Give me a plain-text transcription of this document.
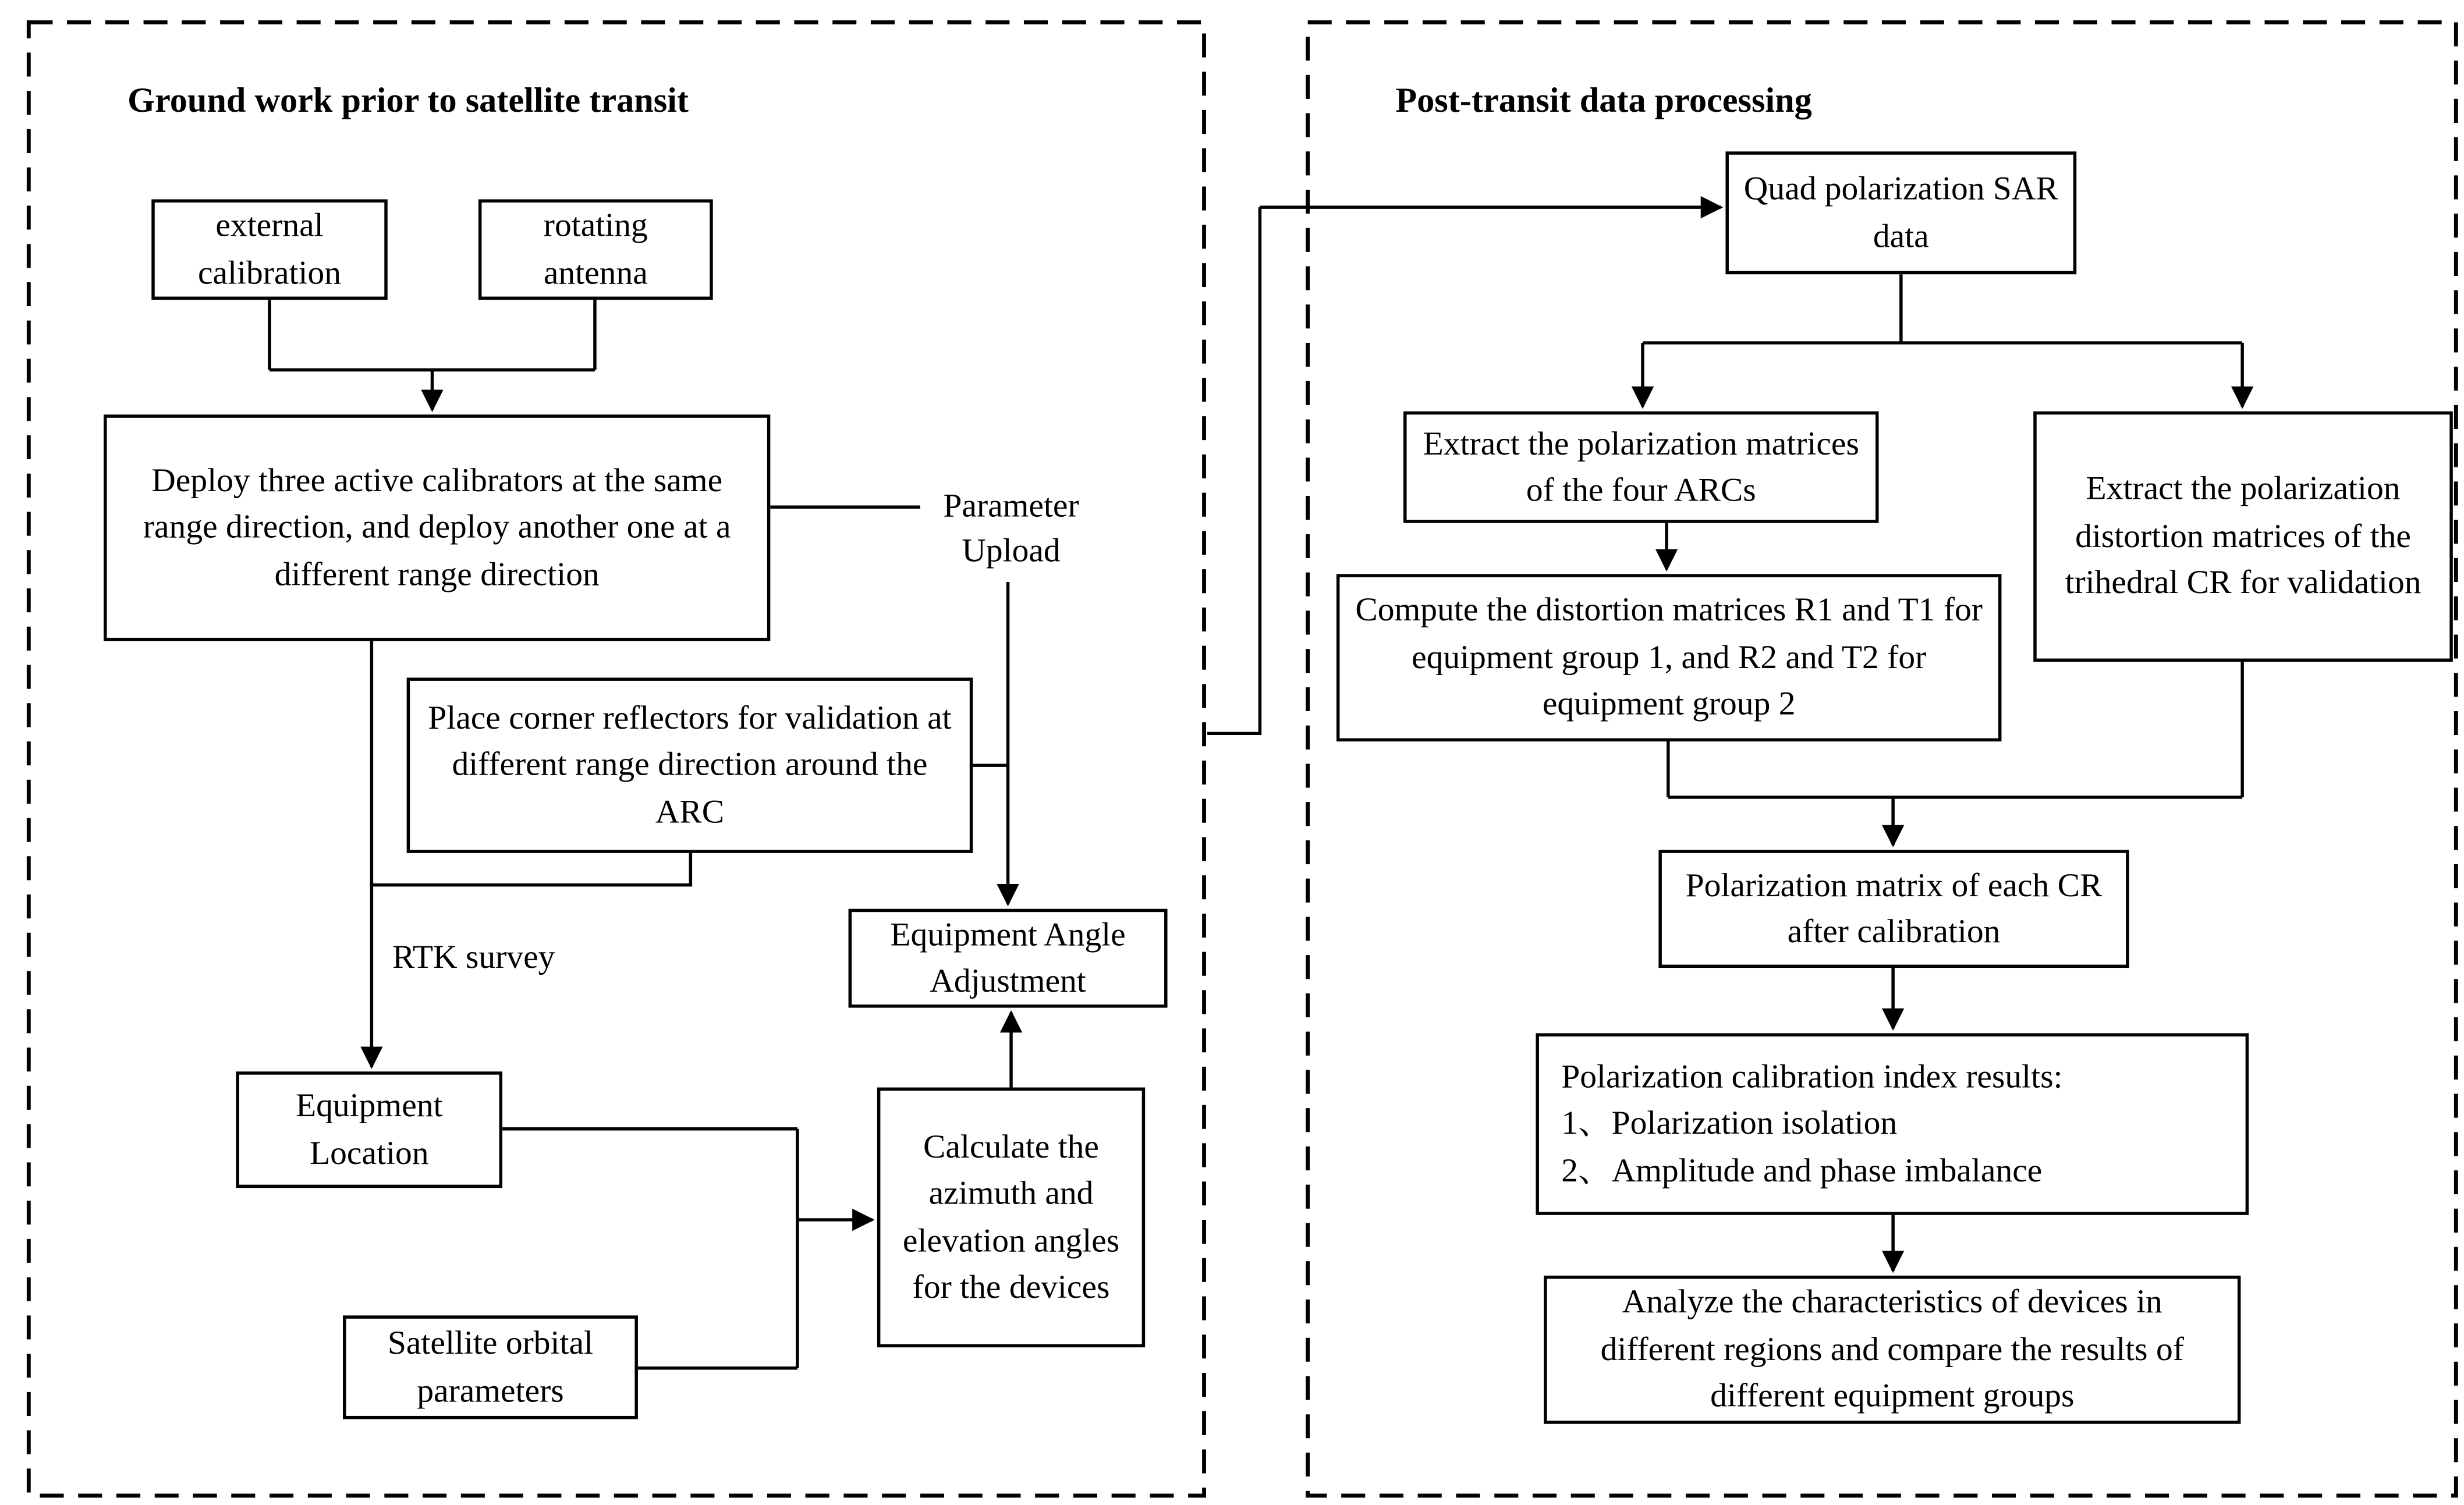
Ground work prior to satellite transit	Post-transit data processing
external calibration
rotating antenna
Deploy three active calibrators at the same range direction, and deploy another one at a different range direction
Place corner reflectors for validation at different range direction around the ARC
Equipment Angle Adjustment
Equipment Location
Satellite orbital parameters
Calculate the azimuth and elevation angles for the devices
Parameter Upload
RTK survey
Quad polarization SAR data
Extract the polarization matrices of the four ARCs	Extract the polarization distortion matrices of the trihedral CR for validation
Compute the distortion matrices R1 and T1 for equipment group 1, and R2 and T2 for equipment group 2
Polarization matrix of each CR after calibration
Polarization calibration index results:
1、Polarization isolation
2、Amplitude and phase imbalance
Analyze the characteristics of devices in different regions and compare the results of different equipment groups
